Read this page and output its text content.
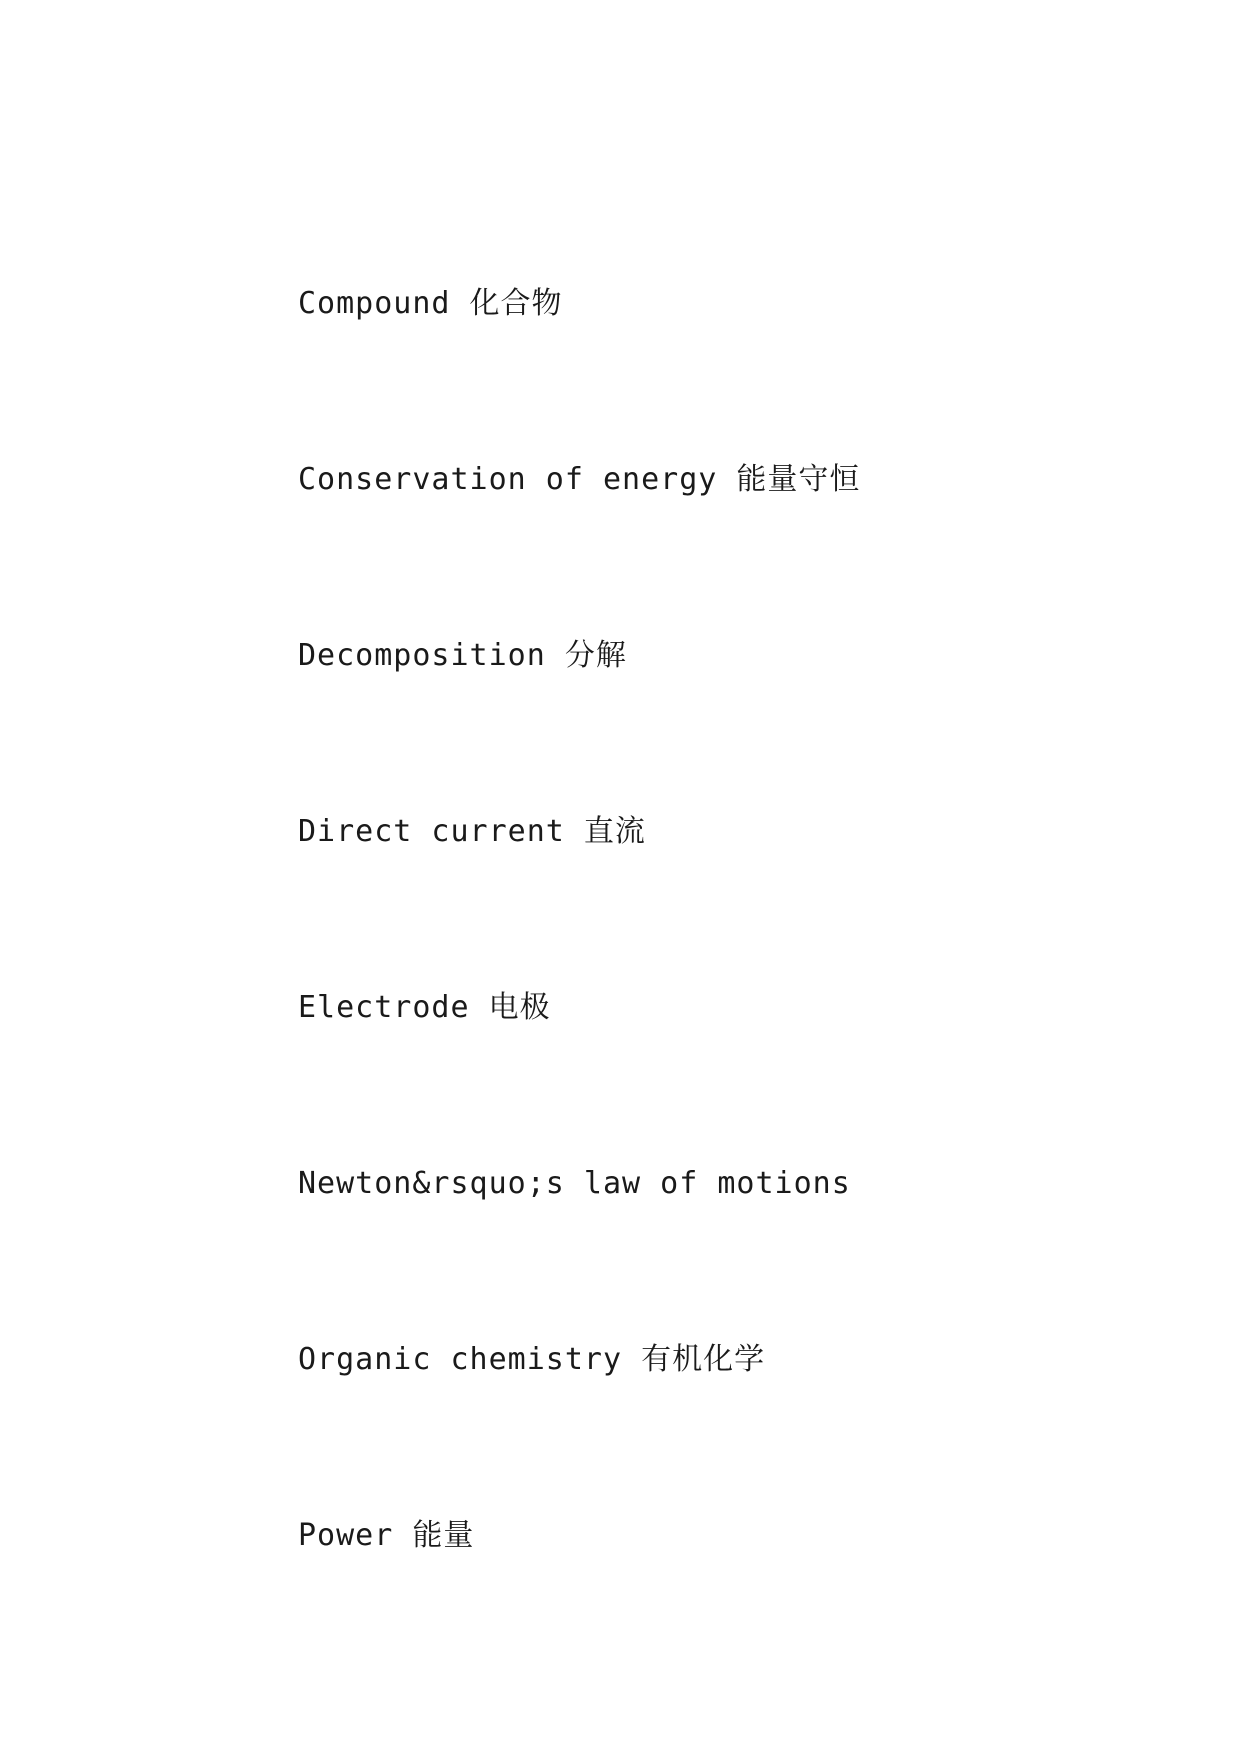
Compound 化合物
Conservation of energy 能量守恒
Decomposition 分解
Direct current 直流
Electrode 电极
Newton&rsquo;s law of motions
Organic chemistry 有机化学
Power 能量
